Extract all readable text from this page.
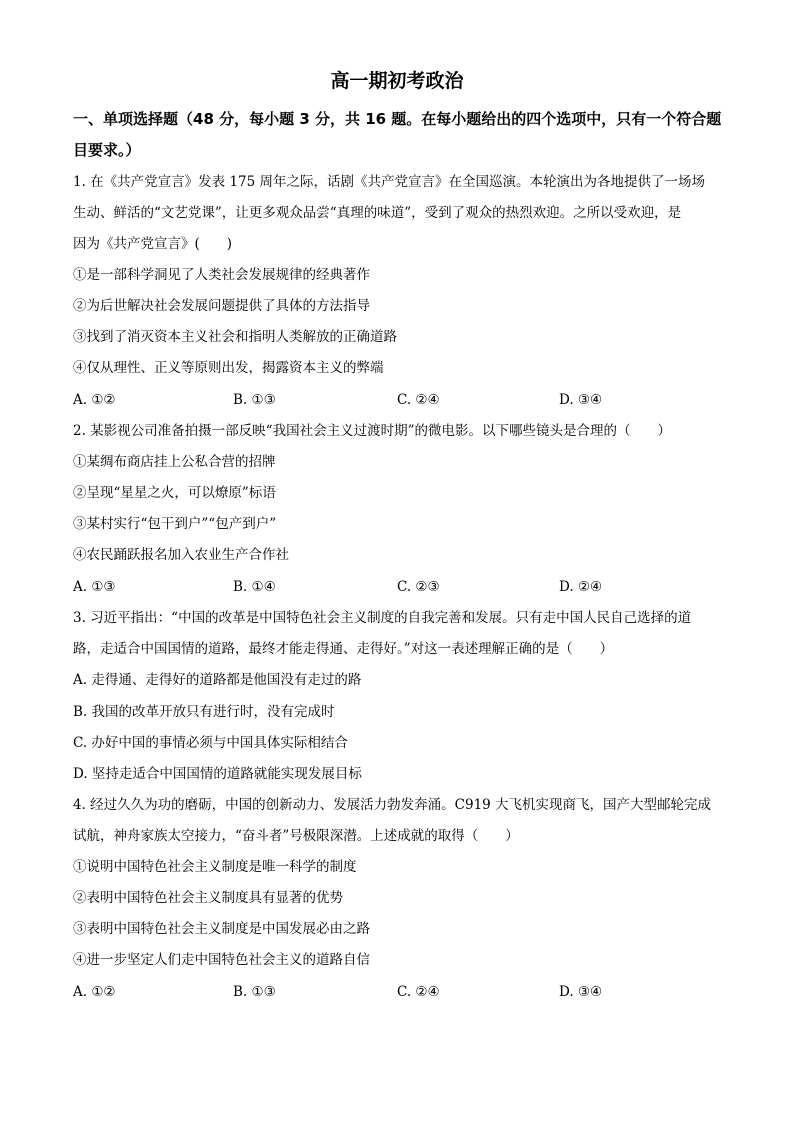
高一期初考政治
一、单项选择题（48 分，每小题 3 分，共 16 题。在每小题给出的四个选项中，只有一个符合题目要求。）
1. 在《共产党宣言》发表 175 周年之际，话剧《共产党宣言》在全国巡演。本轮演出为各地提供了一场场
生动、鲜活的“文艺党课”，让更多观众品尝“真理的味道”，受到了观众的热烈欢迎。之所以受欢迎，是
因为《共产党宣言》(　　)
①是一部科学洞见了人类社会发展规律的经典著作
②为后世解决社会发展问题提供了具体的方法指导
③找到了消灭资本主义社会和指明人类解放的正确道路
④仅从理性、正义等原则出发，揭露资本主义的弊端
A. ①②	B. ①③	C. ②④	D. ③④
2. 某影视公司准备拍摄一部反映“我国社会主义过渡时期”的微电影。以下哪些镜头是合理的（　　）
①某绸布商店挂上公私合营的招牌
②呈现“星星之火，可以燎原”标语
③某村实行“包干到户”“包产到户”
④农民踊跃报名加入农业生产合作社
A. ①③	B. ①④	C. ②③	D. ②④
3. 习近平指出：“中国的改革是中国特色社会主义制度的自我完善和发展。只有走中国人民自己选择的道
路，走适合中国国情的道路，最终才能走得通、走得好。”对这一表述理解正确的是（　　）
A. 走得通、走得好的道路都是他国没有走过的路
B. 我国的改革开放只有进行时，没有完成时
C. 办好中国的事情必须与中国具体实际相结合
D. 坚持走适合中国国情的道路就能实现发展目标
4. 经过久久为功的磨砺，中国的创新动力、发展活力勃发奔涌。C919 大飞机实现商飞，国产大型邮轮完成
试航，神舟家族太空接力，“奋斗者”号极限深潜。上述成就的取得（　　）
①说明中国特色社会主义制度是唯一科学的制度
②表明中国特色社会主义制度具有显著的优势
③表明中国特色社会主义制度是中国发展必由之路
④进一步坚定人们走中国特色社会主义的道路自信
A. ①②	B. ①③	C. ②④	D. ③④
